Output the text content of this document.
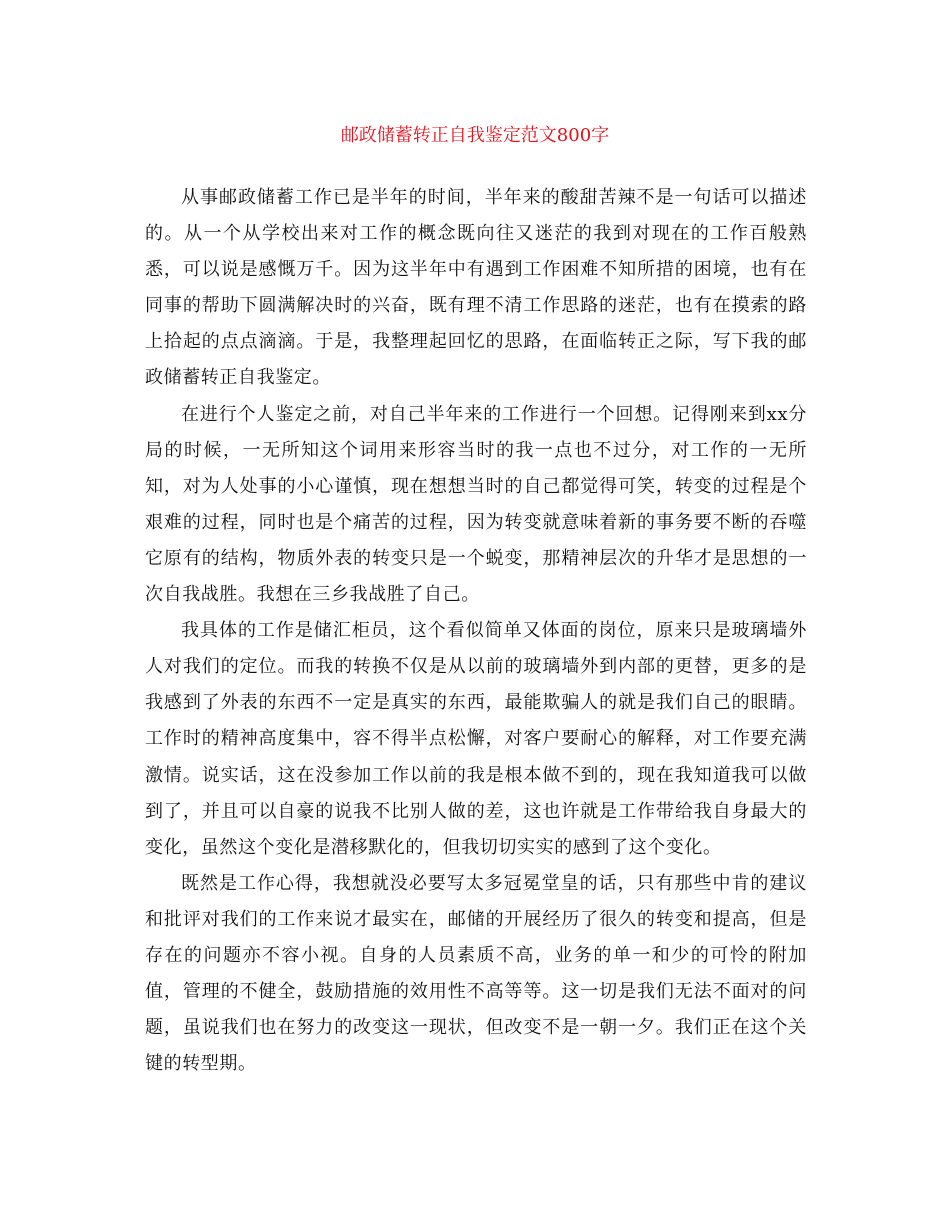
邮政储蓄转正自我鉴定范文800字

从事邮政储蓄工作已是半年的时间，半年来的酸甜苦辣不是一句话可以描述的。从一个从学校出来对工作的概念既向往又迷茫的我到对现在的工作百般熟悉，可以说是感慨万千。因为这半年中有遇到工作困难不知所措的困境，也有在同事的帮助下圆满解决时的兴奋，既有理不清工作思路的迷茫，也有在摸索的路上拾起的点点滴滴。于是，我整理起回忆的思路，在面临转正之际，写下我的邮政储蓄转正自我鉴定。

在进行个人鉴定之前，对自己半年来的工作进行一个回想。记得刚来到xx分局的时候，一无所知这个词用来形容当时的我一点也不过分，对工作的一无所知，对为人处事的小心谨慎，现在想想当时的自己都觉得可笑，转变的过程是个艰难的过程，同时也是个痛苦的过程，因为转变就意味着新的事务要不断的吞噬它原有的结构，物质外表的转变只是一个蜕变，那精神层次的升华才是思想的一次自我战胜。我想在三乡我战胜了自己。

我具体的工作是储汇柜员，这个看似简单又体面的岗位，原来只是玻璃墙外人对我们的定位。而我的转换不仅是从以前的玻璃墙外到内部的更替，更多的是我感到了外表的东西不一定是真实的东西，最能欺骗人的就是我们自己的眼睛。工作时的精神高度集中，容不得半点松懈，对客户要耐心的解释，对工作要充满激情。说实话，这在没参加工作以前的我是根本做不到的，现在我知道我可以做到了，并且可以自豪的说我不比别人做的差，这也许就是工作带给我自身最大的变化，虽然这个变化是潜移默化的，但我切切实实的感到了这个变化。

既然是工作心得，我想就没必要写太多冠冕堂皇的话，只有那些中肯的建议和批评对我们的工作来说才最实在，邮储的开展经历了很久的转变和提高，但是存在的问题亦不容小视。自身的人员素质不高，业务的单一和少的可怜的附加值，管理的不健全，鼓励措施的效用性不高等等。这一切是我们无法不面对的问题，虽说我们也在努力的改变这一现状，但改变不是一朝一夕。我们正在这个关键的转型期。
